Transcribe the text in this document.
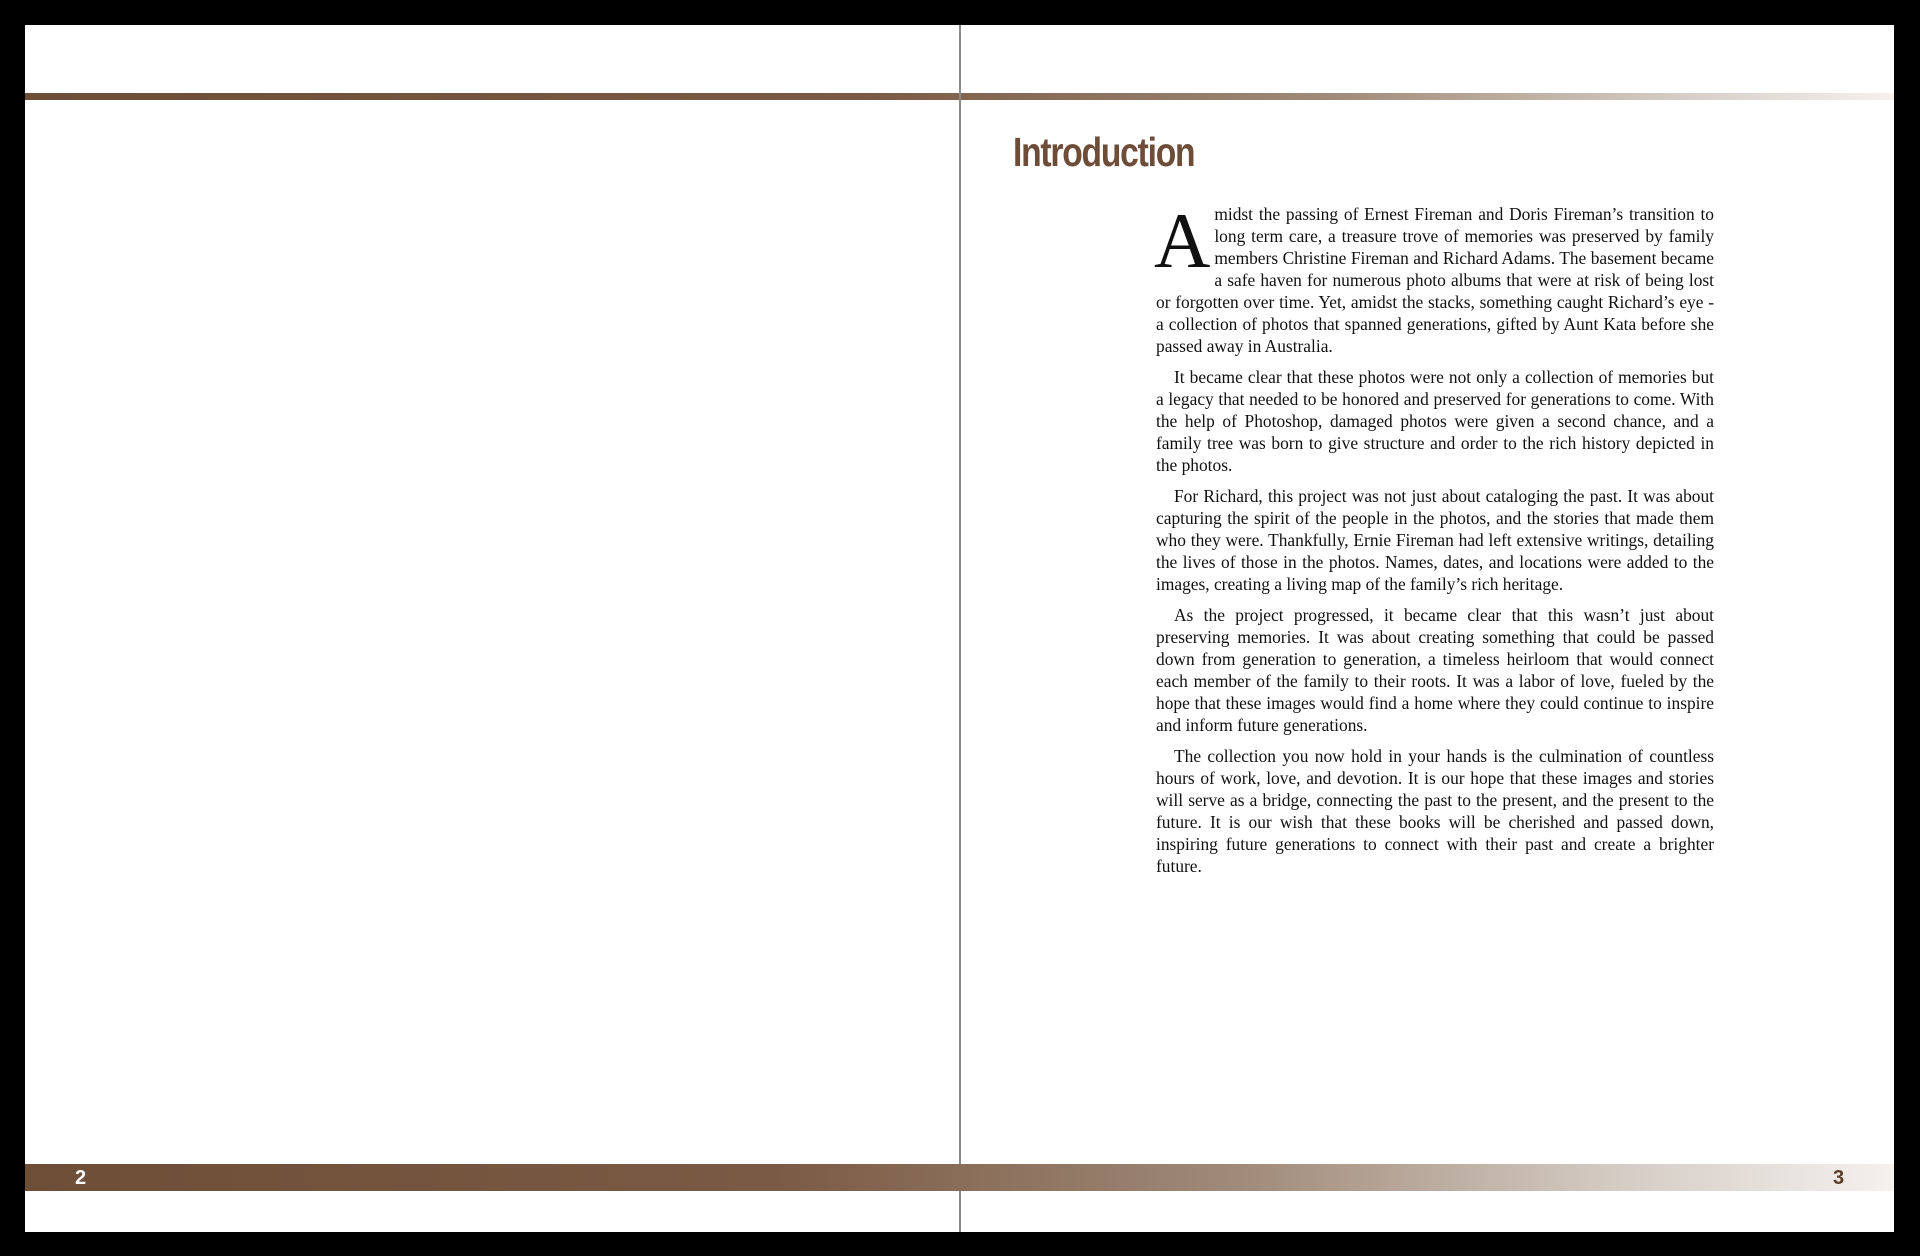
Introduction

Amidst the passing of Ernest Fireman and Doris Fireman’s transition to long term care, a treasure trove of memories was preserved by family members Christine Fireman and Richard Adams. The basement became a safe haven for numerous photo albums that were at risk of being lost or forgotten over time. Yet, amidst the stacks, something caught Richard’s eye - a collection of photos that spanned generations, gifted by Aunt Kata before she passed away in Australia.

It became clear that these photos were not only a collection of memories but a legacy that needed to be honored and preserved for generations to come. With the help of Photoshop, damaged photos were given a second chance, and a family tree was born to give structure and order to the rich history depicted in the photos.

For Richard, this project was not just about cataloging the past. It was about capturing the spirit of the people in the photos, and the stories that made them who they were. Thankfully, Ernie Fireman had left extensive writings, detailing the lives of those in the photos. Names, dates, and locations were added to the images, creating a living map of the family’s rich heritage.

As the project progressed, it became clear that this wasn’t just about preserving memories. It was about creating something that could be passed down from generation to generation, a timeless heirloom that would connect each member of the family to their roots. It was a labor of love, fueled by the hope that these images would find a home where they could continue to inspire and inform future generations.

The collection you now hold in your hands is the culmination of countless hours of work, love, and devotion. It is our hope that these images and stories will serve as a bridge, connecting the past to the present, and the present to the future. It is our wish that these books will be cherished and passed down, inspiring future generations to connect with their past and create a brighter future.

2	3
